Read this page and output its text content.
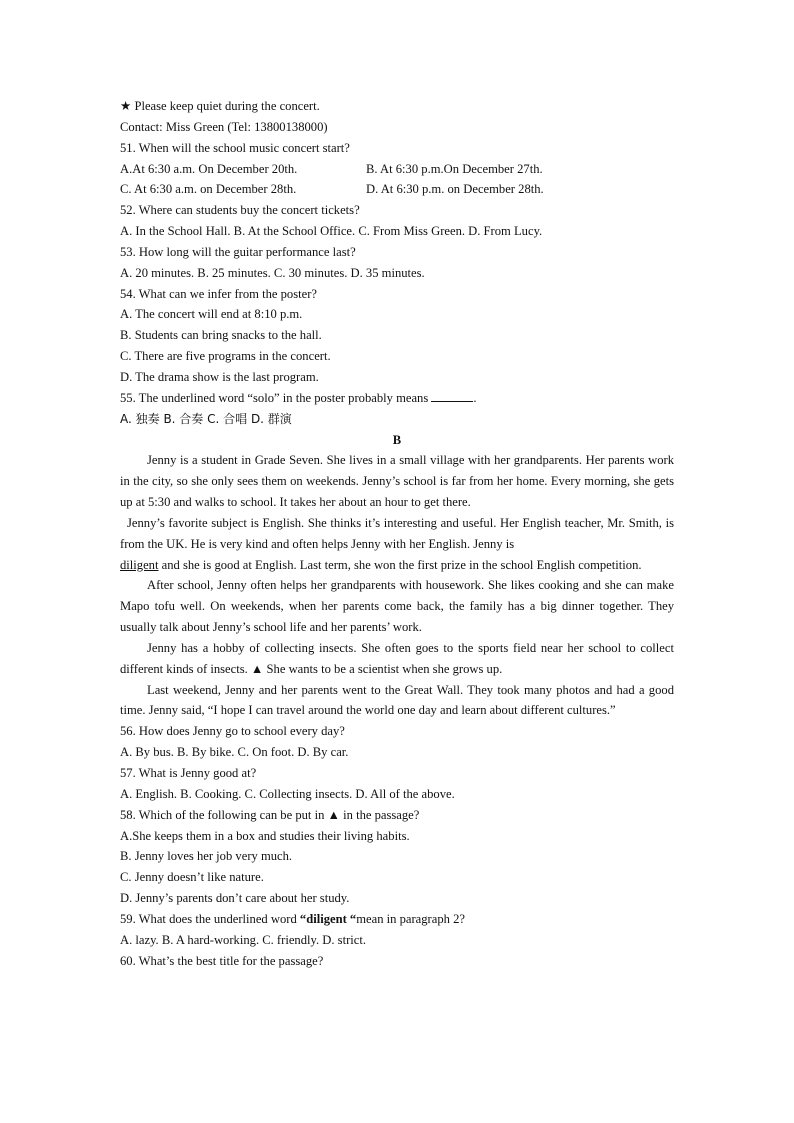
★ Please keep quiet during the concert.
Contact: Miss Green (Tel: 13800138000)
51. When will the school music concert start?
A.At 6:30 a.m. On December 20th.	B. At 6:30 p.m.On December 27th.
C. At 6:30 a.m. on December 28th.	D. At 6:30 p.m. on December 28th.
52. Where can students buy the concert tickets?
A. In the School Hall. B. At the School Office. C. From Miss Green. D. From Lucy.
53. How long will the guitar performance last?
A. 20 minutes. B. 25 minutes. C. 30 minutes. D. 35 minutes.
54. What can we infer from the poster?
A. The concert will end at 8:10 p.m.
B. Students can bring snacks to the hall.
C. There are five programs in the concert.
D. The drama show is the last program.
55. The underlined word “solo” in the poster probably means	.
A. 独奏 B. 合奏 C. 合唱 D. 群演
B
Jenny is a student in Grade Seven. She lives in a small village with her grandparents. Her parents work in the city, so she only sees them on weekends. Jenny’s school is far from her home. Every morning, she gets up at 5:30 and walks to school. It takes her about an hour to get there.
Jenny’s favorite subject is English. She thinks it’s interesting and useful. Her English teacher, Mr. Smith, is from the UK. He is very kind and often helps Jenny with her English. Jenny is
diligent and she is good at English. Last term, she won the first prize in the school English competition.
After school, Jenny often helps her grandparents with housework. She likes cooking and she can make Mapo tofu well. On weekends, when her parents come back, the family has a big dinner together. They usually talk about Jenny’s school life and her parents’ work.
Jenny has a hobby of collecting insects. She often goes to the sports field near her school to collect different kinds of insects. ▲ She wants to be a scientist when she grows up.
Last weekend, Jenny and her parents went to the Great Wall. They took many photos and had a good time. Jenny said, “I hope I can travel around the world one day and learn about different cultures.”
56. How does Jenny go to school every day?
A. By bus. B. By bike. C. On foot. D. By car.
57. What is Jenny good at?
A. English. B. Cooking. C. Collecting insects. D. All of the above.
58. Which of the following can be put in ▲ in the passage?
A.She keeps them in a box and studies their living habits.
B. Jenny loves her job very much.
C. Jenny doesn’t like nature.
D. Jenny’s parents don’t care about her study.
59. What does the underlined word “diligent “mean in paragraph 2?
A. lazy. B. A hard-working. C. friendly. D. strict.
60. What’s the best title for the passage?
